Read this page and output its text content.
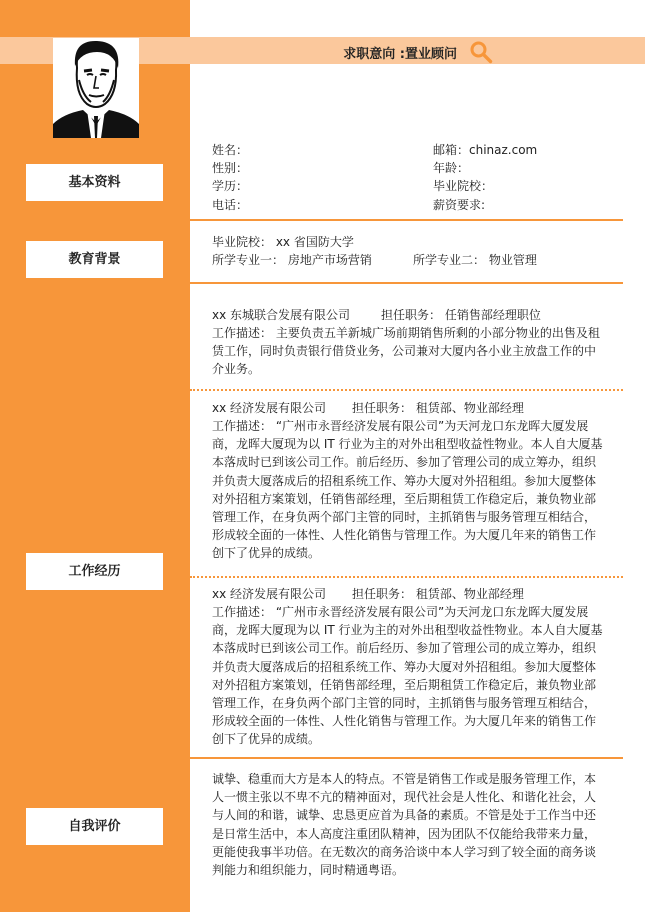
求职意向 :置业顾问
基本资料
教育背景
工作经历
自我评价
姓名：
性别：
学历：
电话：
邮箱：chinaz.com
年龄：
毕业院校：
薪资要求:
毕业院校： xx 省国防大学
所学专业一： 房地产市场营销	所学专业二： 物业管理
xx 东城联合发展有限公司	担任职务： 任销售部经理职位
工作描述： 主要负责五羊新城广场前期销售所剩的小部分物业的出售及租赁工作，同时负责银行借贷业务，公司兼对大厦内各小业主放盘工作的中介业务。
xx 经济发展有限公司 担任职务： 租赁部、物业部经理
工作描述： “广州市永晋经济发展有限公司”为天河龙口东龙晖大厦发展商，龙晖大厦现为以 IT 行业为主的对外出租型收益性物业。本人自大厦基本落成时已到该公司工作。前后经历、参加了管理公司的成立筹办，组织并负责大厦落成后的招租系统工作、筹办大厦对外招租组。参加大厦整体对外招租方案策划，任销售部经理，至后期租赁工作稳定后，兼负物业部管理工作，在身负两个部门主管的同时，主抓销售与服务管理互相结合，形成较全面的一体性、人性化销售与管理工作。为大厦几年来的销售工作创下了优异的成绩。
xx 经济发展有限公司 担任职务： 租赁部、物业部经理
工作描述： “广州市永晋经济发展有限公司”为天河龙口东龙晖大厦发展商，龙晖大厦现为以 IT 行业为主的对外出租型收益性物业。本人自大厦基本落成时已到该公司工作。前后经历、参加了管理公司的成立筹办，组织并负责大厦落成后的招租系统工作、筹办大厦对外招租组。参加大厦整体对外招租方案策划，任销售部经理，至后期租赁工作稳定后，兼负物业部管理工作，在身负两个部门主管的同时，主抓销售与服务管理互相结合，形成较全面的一体性、人性化销售与管理工作。为大厦几年来的销售工作创下了优异的成绩。
诚挚、稳重而大方是本人的特点。不管是销售工作或是服务管理工作，本人一惯主张以不卑不亢的精神面对，现代社会是人性化、和谐化社会，人与人间的和谐，诚挚、忠恳更应首为具备的素质。不管是处于工作当中还是日常生活中，本人高度注重团队精神，因为团队不仅能给我带来力量，更能使我事半功倍。在无数次的商务洽谈中本人学习到了较全面的商务谈判能力和组织能力，同时精通粤语。
